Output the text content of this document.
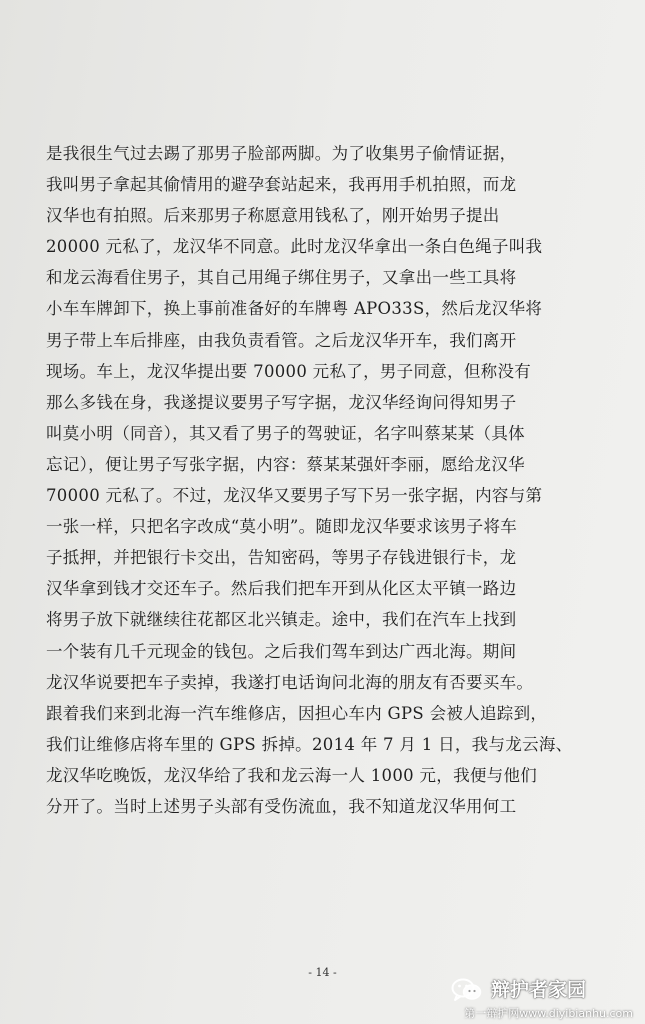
是我很生气过去踢了那男子脸部两脚。为了收集男子偷情证据，
我叫男子拿起其偷情用的避孕套站起来，我再用手机拍照，而龙
汉华也有拍照。后来那男子称愿意用钱私了，刚开始男子提出
20000 元私了，龙汉华不同意。此时龙汉华拿出一条白色绳子叫我
和龙云海看住男子，其自己用绳子绑住男子，又拿出一些工具将
小车车牌卸下，换上事前准备好的车牌粤 APO33S，然后龙汉华将
男子带上车后排座，由我负责看管。之后龙汉华开车，我们离开
现场。车上，龙汉华提出要 70000 元私了，男子同意，但称没有
那么多钱在身，我遂提议要男子写字据，龙汉华经询问得知男子
叫莫小明（同音），其又看了男子的驾驶证，名字叫蔡某某（具体
忘记），便让男子写张字据，内容：蔡某某强奸李丽，愿给龙汉华
70000 元私了。不过，龙汉华又要男子写下另一张字据，内容与第
一张一样，只把名字改成“莫小明”。随即龙汉华要求该男子将车
子抵押，并把银行卡交出，告知密码，等男子存钱进银行卡，龙
汉华拿到钱才交还车子。然后我们把车开到从化区太平镇一路边
将男子放下就继续往花都区北兴镇走。途中，我们在汽车上找到
一个装有几千元现金的钱包。之后我们驾车到达广西北海。期间
龙汉华说要把车子卖掉，我遂打电话询问北海的朋友有否要买车。
跟着我们来到北海一汽车维修店，因担心车内 GPS 会被人追踪到，
我们让维修店将车里的 GPS 拆掉。2014 年 7 月 1 日，我与龙云海、
龙汉华吃晚饭，龙汉华给了我和龙云海一人 1000 元，我便与他们
分开了。当时上述男子头部有受伤流血，我不知道龙汉华用何工
- 14 -
辩护者家园
第一辩护网www.diyibianhu.com
